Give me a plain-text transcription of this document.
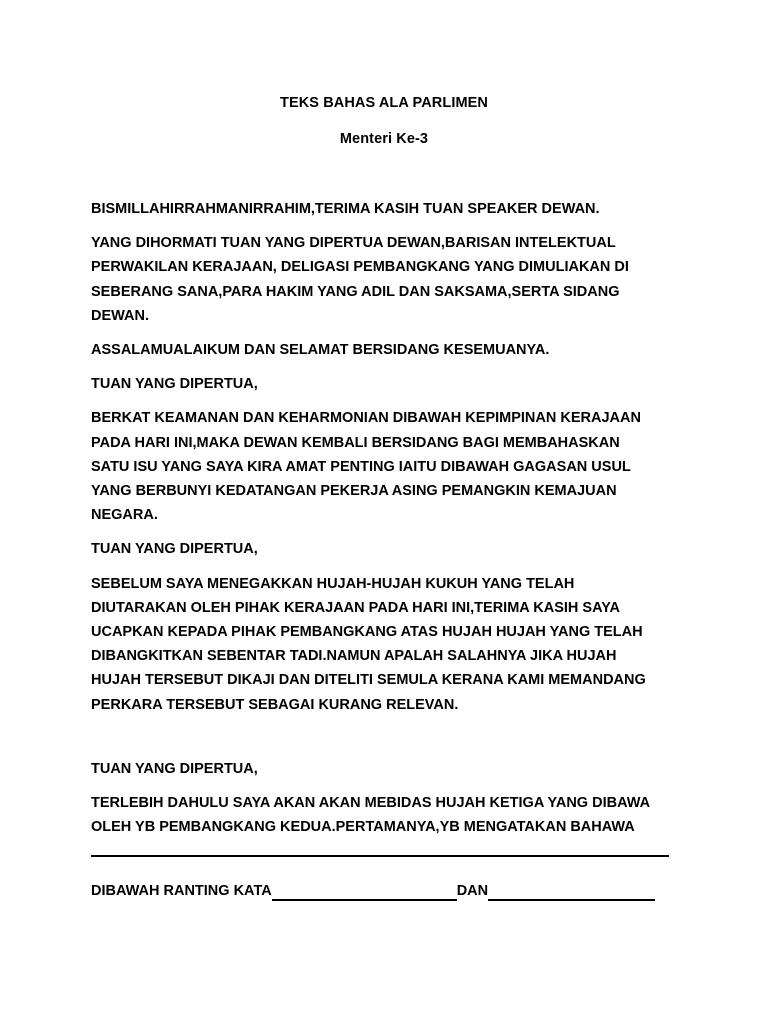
TEKS BAHAS ALA PARLIMEN
Menteri Ke-3

BISMILLAHIRRAHMANIRRAHIM,TERIMA KASIH TUAN SPEAKER DEWAN.

YANG DIHORMATI TUAN YANG DIPERTUA DEWAN,BARISAN INTELEKTUAL
PERWAKILAN KERAJAAN, DELIGASI PEMBANGKANG YANG DIMULIAKAN DI
SEBERANG SANA,PARA HAKIM YANG ADIL DAN SAKSAMA,SERTA SIDANG
DEWAN.

ASSALAMUALAIKUM DAN SELAMAT BERSIDANG KESEMUANYA.

TUAN YANG DIPERTUA,

BERKAT KEAMANAN DAN KEHARMONIAN DIBAWAH KEPIMPINAN KERAJAAN
PADA HARI INI,MAKA DEWAN KEMBALI BERSIDANG BAGI MEMBAHASKAN
SATU ISU YANG SAYA KIRA AMAT PENTING IAITU DIBAWAH GAGASAN USUL
YANG BERBUNYI KEDATANGAN PEKERJA ASING PEMANGKIN KEMAJUAN
NEGARA.

TUAN YANG DIPERTUA,

SEBELUM SAYA MENEGAKKAN HUJAH-HUJAH KUKUH YANG TELAH
DIUTARAKAN OLEH PIHAK KERAJAAN PADA HARI INI,TERIMA KASIH SAYA
UCAPKAN KEPADA PIHAK PEMBANGKANG ATAS HUJAH HUJAH YANG TELAH
DIBANGKITKAN SEBENTAR TADI.NAMUN APALAH SALAHNYA JIKA HUJAH
HUJAH TERSEBUT DIKAJI DAN DITELITI SEMULA KERANA KAMI MEMANDANG
PERKARA TERSEBUT SEBAGAI KURANG RELEVAN.

TUAN YANG DIPERTUA,

TERLEBIH DAHULU SAYA AKAN AKAN MEBIDAS HUJAH KETIGA YANG DIBAWA
OLEH YB PEMBANGKANG KEDUA.PERTAMANYA,YB MENGATAKAN BAHAWA

DIBAWAH RANTING KATA	DAN
